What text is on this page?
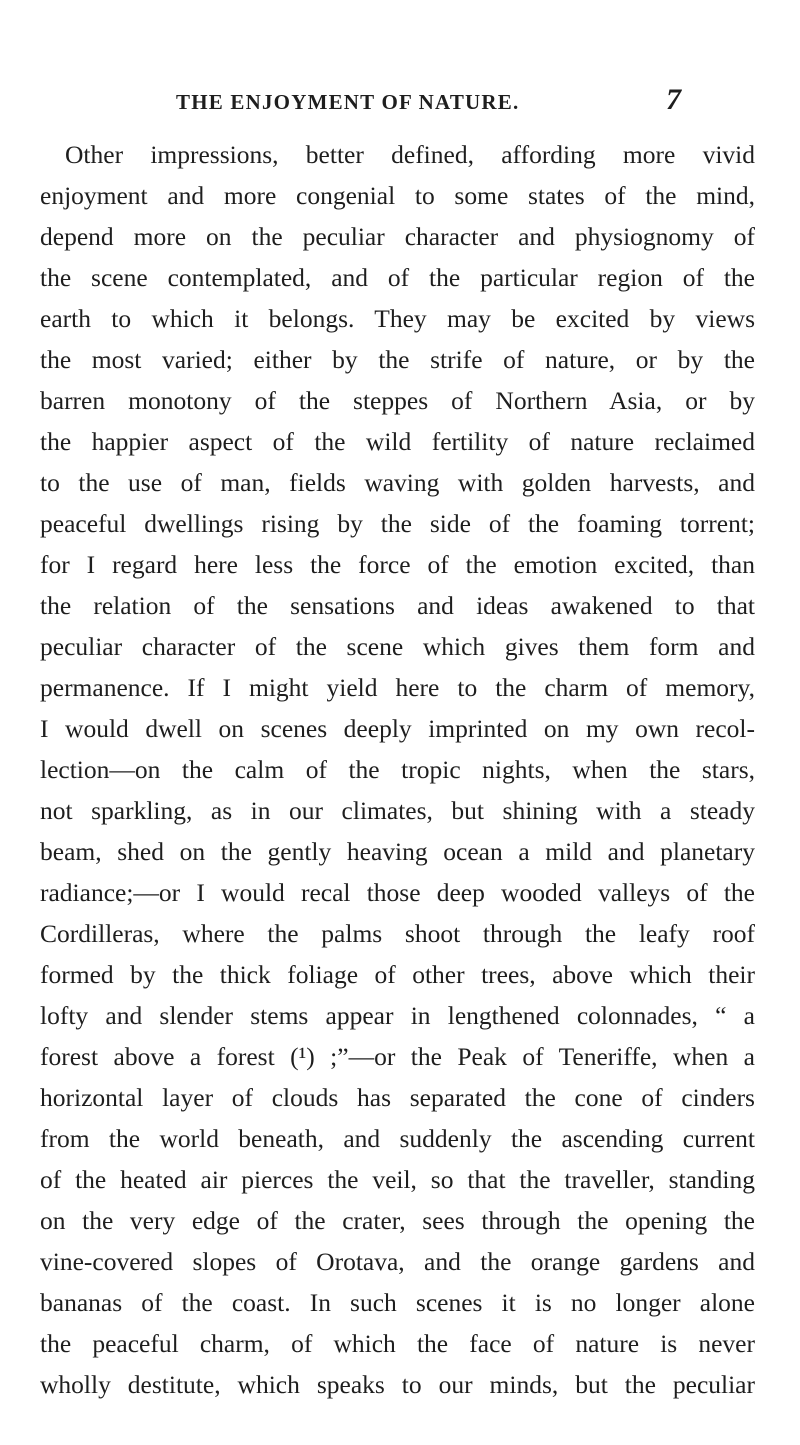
THE ENJOYMENT OF NATURE.	7
Other impressions, better defined, affording more vivid
enjoyment and more congenial to some states of the mind,
depend more on the peculiar character and physiognomy of
the scene contemplated, and of the particular region of the
earth to which it belongs. They may be excited by views
the most varied; either by the strife of nature, or by the
barren monotony of the steppes of Northern Asia, or by
the happier aspect of the wild fertility of nature reclaimed
to the use of man, fields waving with golden harvests, and
peaceful dwellings rising by the side of the foaming torrent;
for I regard here less the force of the emotion excited, than
the relation of the sensations and ideas awakened to that
peculiar character of the scene which gives them form and
permanence. If I might yield here to the charm of memory,
I would dwell on scenes deeply imprinted on my own recol-
lection—on the calm of the tropic nights, when the stars,
not sparkling, as in our climates, but shining with a steady
beam, shed on the gently heaving ocean a mild and planetary
radiance;—or I would recal those deep wooded valleys of the
Cordilleras, where the palms shoot through the leafy roof
formed by the thick foliage of other trees, above which their
lofty and slender stems appear in lengthened colonnades, “ a
forest above a forest (¹) ;”—or the Peak of Teneriffe, when a
horizontal layer of clouds has separated the cone of cinders
from the world beneath, and suddenly the ascending current
of the heated air pierces the veil, so that the traveller, standing
on the very edge of the crater, sees through the opening the
vine-covered slopes of Orotava, and the orange gardens and
bananas of the coast. In such scenes it is no longer alone
the peaceful charm, of which the face of nature is never
wholly destitute, which speaks to our minds, but the peculiar
